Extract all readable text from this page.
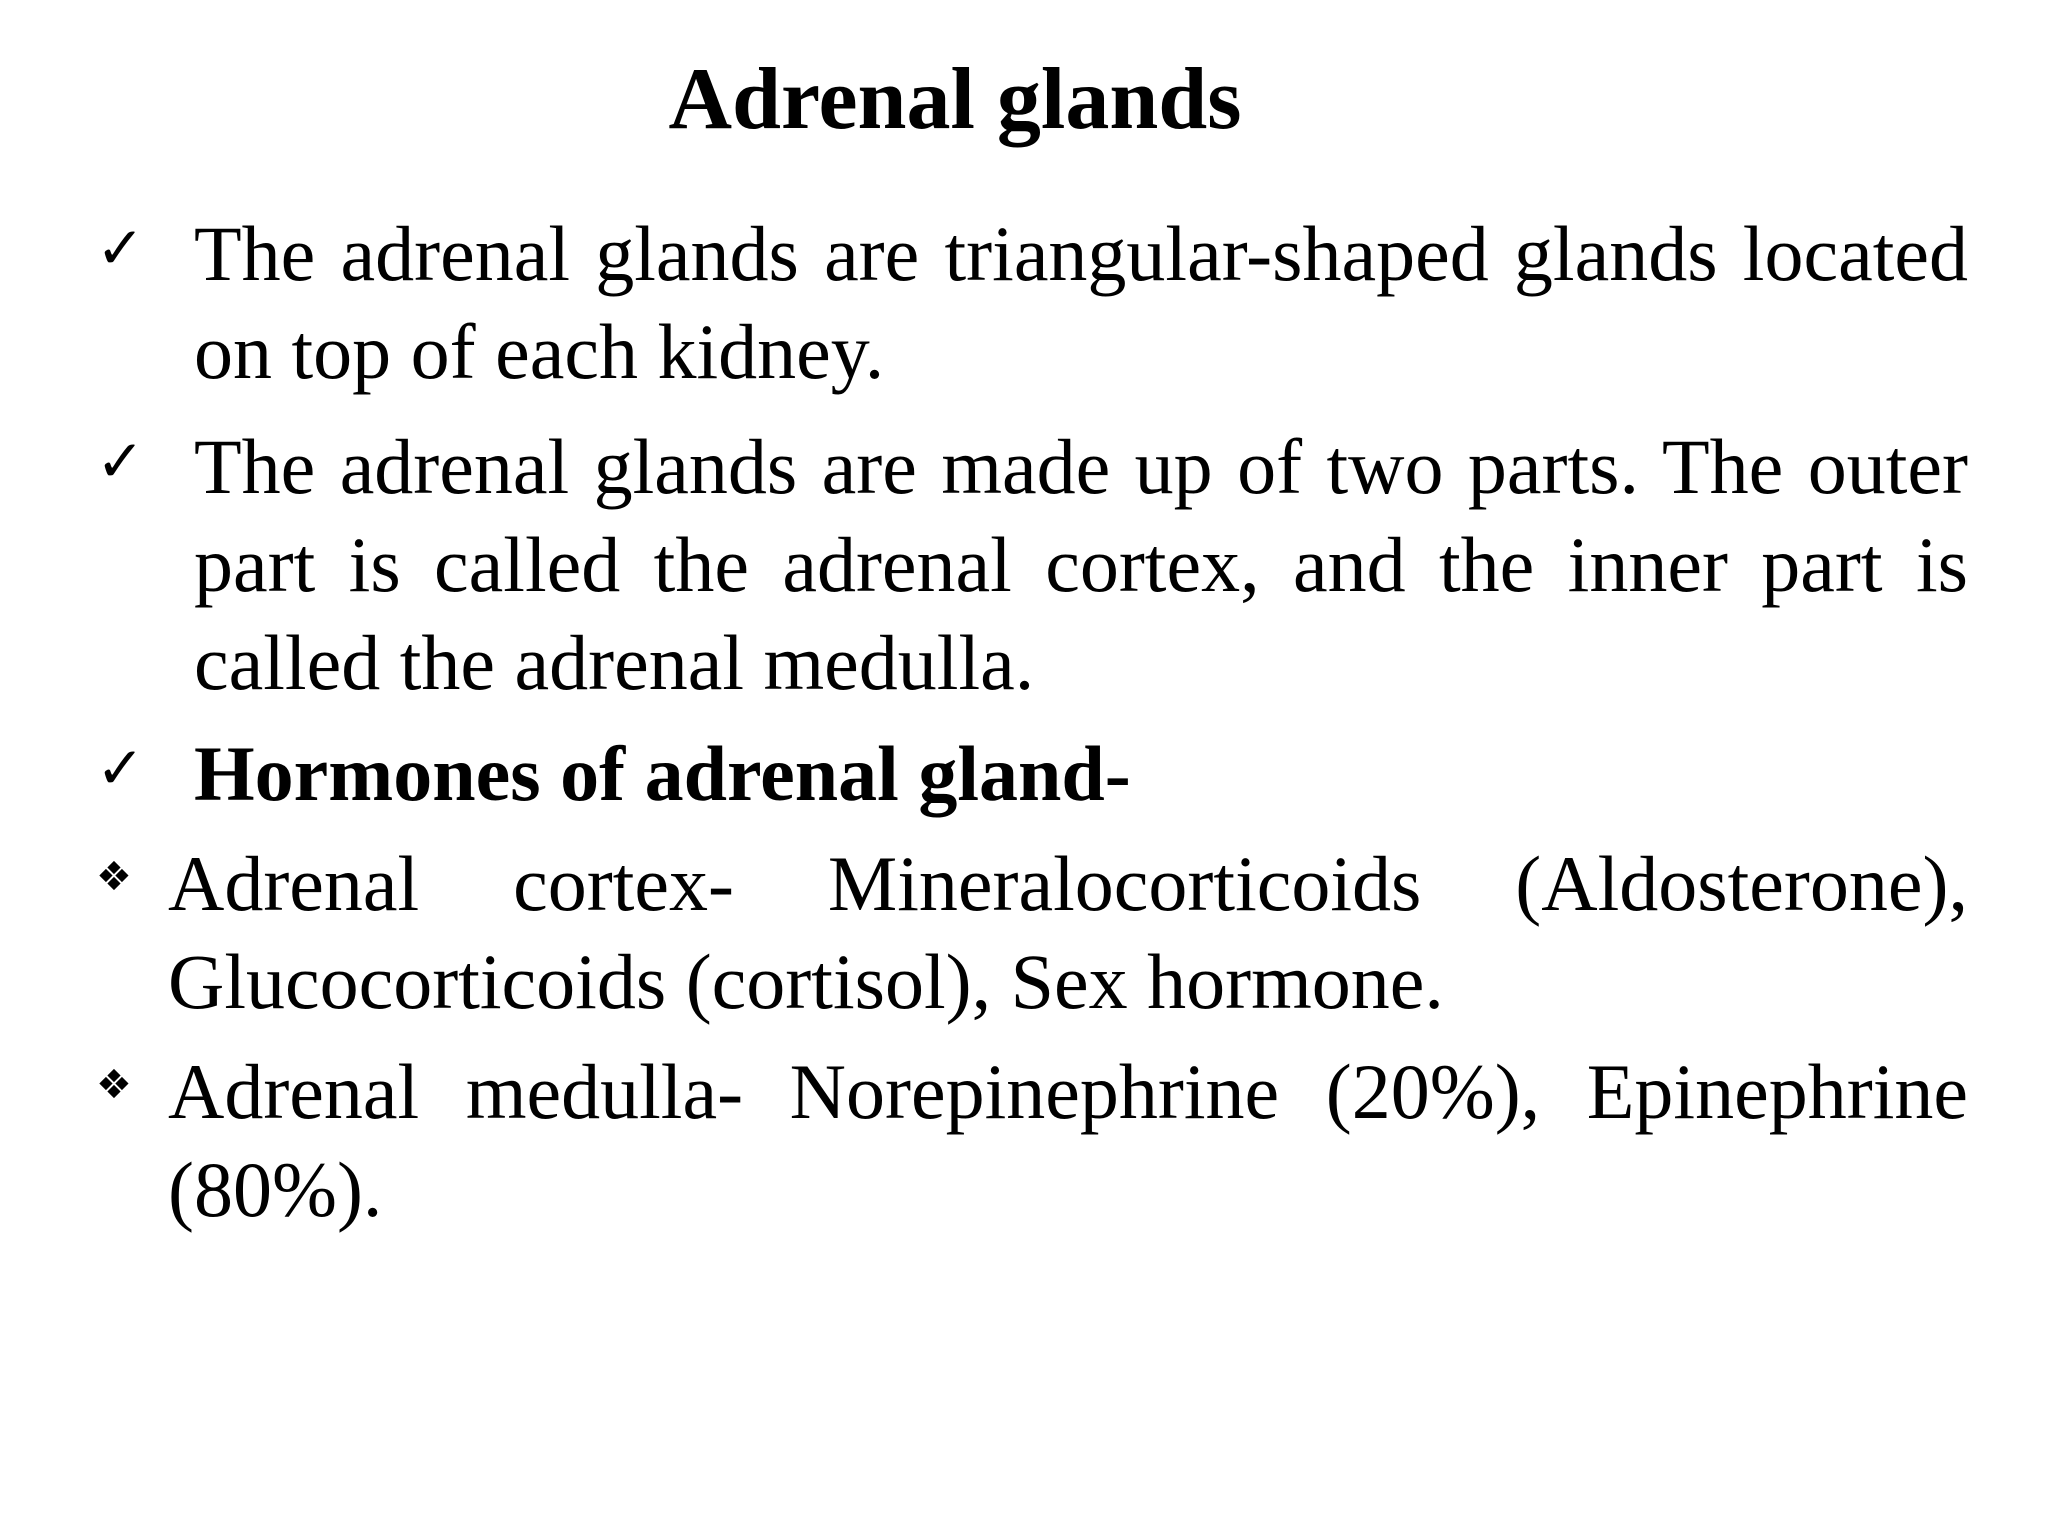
Adrenal glands
✓ The adrenal glands are triangular-shaped glands located on top of each kidney.
✓ The adrenal glands are made up of two parts. The outer part is called the adrenal cortex, and the inner part is called the adrenal medulla.
✓ Hormones of adrenal gland-
❖ Adrenal cortex- Mineralocorticoids (Aldosterone), Glucocorticoids (cortisol), Sex hormone.
❖ Adrenal medulla- Norepinephrine (20%), Epinephrine (80%).
